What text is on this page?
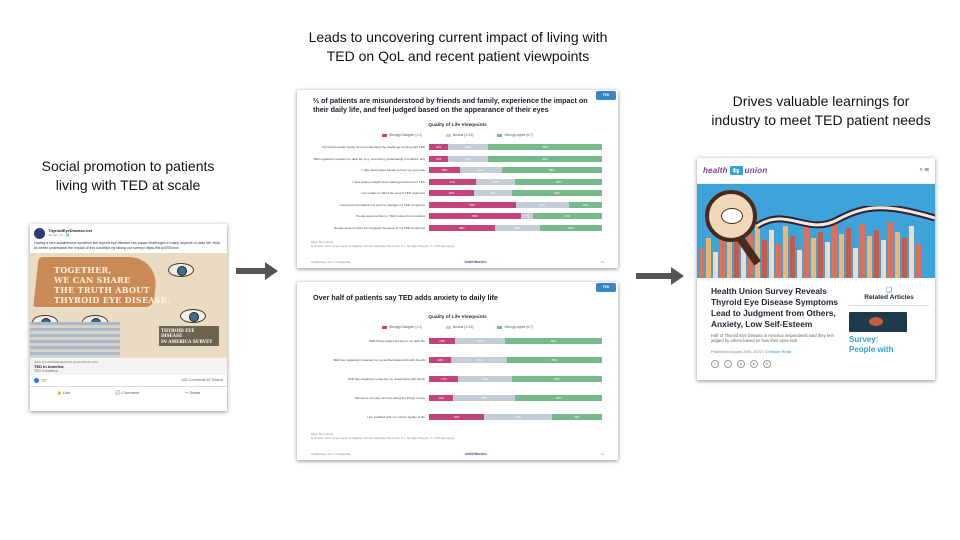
Social promotion to patients
living with TED at scale
Leads to uncovering current impact of living with
TED on QoL and recent patient viewpoints
Drives valuable learnings for
industry to meet TED patient needs
ThyroidEyeDisease.net
January 19 · 🌐
Having a rare autoimmune condition like thyroid eye disease can cause challenges in many aspects of daily life. Help us better understand the impact of this condition by taking our survey! https://bit.ly/3TExxxx
TOGETHER,
WE CAN SHARE
THE TRUTH ABOUT
THYROID EYE DISEASE.
THYROID EYE DISEASE
IN AMERICA SURVEY
HEALTHUNIONRESEARCH.QUALTRICS.COM
TED In America
TED In America
167	108 Comments 62 Shares
👍 Like	💬 Comment	↪ Share
TED
⅔ of patients are misunderstood by friends and family, experience the impact on their daily life, and feel judged based on the appearance of their eyes
Quality of Life Viewpoints
Strongly Disagree (1-2)	Neutral (3-4,5)	Strongly Agree (6-7)
My friends and/or family do not understand the challenge of living with TED	11%	23%	66%
TED negatively impacts my daily life (e.g. exercising, participating in hobbies, etc)	11%	23%	66%
I often feel judged based on how my eyes look	18%	24%	58%
I have gained weight since starting treatment for TED	27%	23%	50%
I am unable to afford the cost of TED treatment	26%	22%	52%
I need accommodations at work to manage my TED symptoms	50%	31%	19%
People assume that my TED comes from smoking	53%	7%	40%
People assume that I am hungover because of my TED symptoms	38%	26%	36%
Base: All (n=XXX)
Q.10 How much do you agree or disagree with the following statements. (1 = Strongly Disagree, 7 = Strongly Agree)
HealthUnion, LLC | Confidential	health⇆union	10
TED
Over half of patients say TED adds anxiety to daily life
Quality of Life Viewpoints
Strongly Disagree (1-2)	Neutral (3-4,5)	Strongly Agree (6-7)
TED brings added anxiety to my daily life	15%	29%	56%
TED has negatively impacted my social life/relationship with friends	13%	32%	55%
TED has negatively impacted my relationship with family	17%	31%	52%
TED does not stop me from doing the things I enjoy	14%	36%	50%
I am satisfied with my current quality of life	32%	39%	29%
Base: All (n=XXX)
Q.10 How much do you agree or disagree with the following statements. (1 = Strongly Disagree, 7 = Strongly Agree)
HealthUnion, LLC | Confidential	health⇆union	11
health ⇆ union	⌕ ☰
Health Union Survey Reveals Thyroid Eye Disease Symptoms Lead to Judgment from Others, Anxiety, Low Self-Esteem
Half of Thyroid Eye Disease in America respondents said they feel judged by others based on how their eyes look
Published August 25th, 2022 | 4 Minute Read
f	t	p	in	✉
❏
Related Articles
Survey:
People with
